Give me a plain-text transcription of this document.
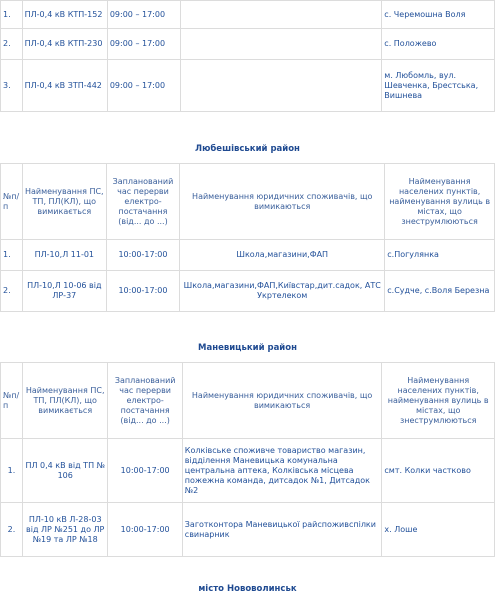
1.	ПЛ-0,4 кВ КТП-152	09:00 – 17:00		с. Черемошна Воля
2.	ПЛ-0,4 кВ КТП-230	09:00 – 17:00		с. Положево
3.	ПЛ-0,4 кВ ЗТП-442	09:00 – 17:00		м. Любомль, вул. Шевченка, Брестська, Вишнева
Любешівський район
№п/п	Найменування ПС, ТП, ПЛ(КЛ), що вимикається	Запланований час перерви електро-постачання (від... до ...)	Найменування юридичних споживачів, що вимикаються	Найменування населених пунктів, найменування вулиць в містах, що знеструмлюються
1.	ПЛ-10,Л 11-01	10:00-17:00	Школа,магазини,ФАП	с.Погулянка
2.	ПЛ-10,Л 10-06 від ЛР-37	10:00-17:00	Школа,магазини,ФАП,Київстар,дит.садок, АТС Укртелеком	с.Судче, с.Воля Березна
Маневицький район
№п/п	Найменування ПС, ТП, ПЛ(КЛ), що вимикається	Запланований час перерви електро-постачання (від... до ...)	Найменування юридичних споживачів, що вимикаються	Найменування населених пунктів, найменування вулиць в містах, що знеструмлюються
1.	ПЛ 0,4 кВ від ТП № 106	10:00-17:00	Колківське споживче товариство магазин, відділення Маневицька комунальна центральна аптека, Колківська місцева пожежна команда, дитсадок №1, Дитсадок №2	смт. Колки частково
2.	ПЛ-10 кВ Л-28-03 від ЛР №251 до ЛР №19 та ЛР №18	10:00-17:00	Заготконтора Маневицької райспоживспілки свинарник	х. Лоше
місто Нововолинськ
